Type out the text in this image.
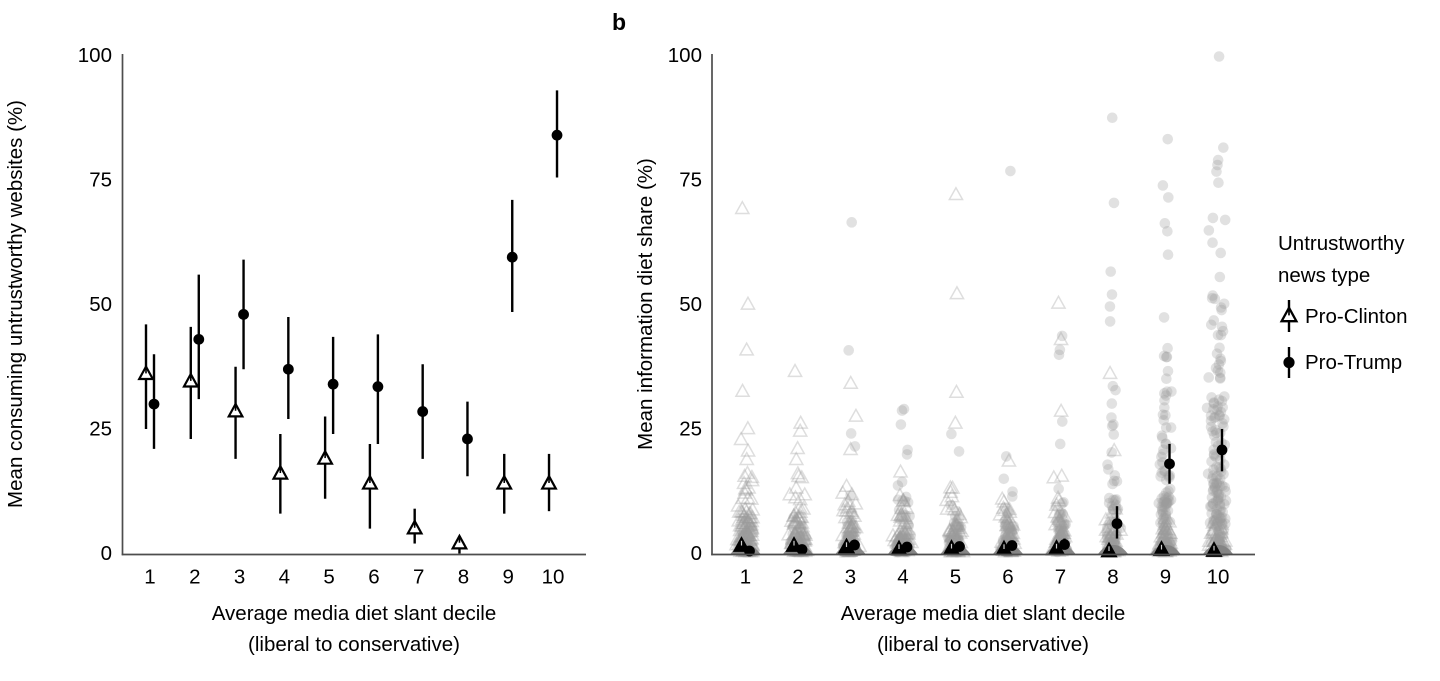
Mean consuming untrustworthy websites (%)
0
25
50
75
100
1 2 3 4 5 6 7 8 9 10
Average media diet slant decile
(liberal to conservative)
b
Mean information diet share (%)
0
25
50
75
100
1 2 3 4 5 6 7 8 9 10
Average media diet slant decile
(liberal to conservative)
Untrustworthy
news type
Pro-Clinton
Pro-Trump
